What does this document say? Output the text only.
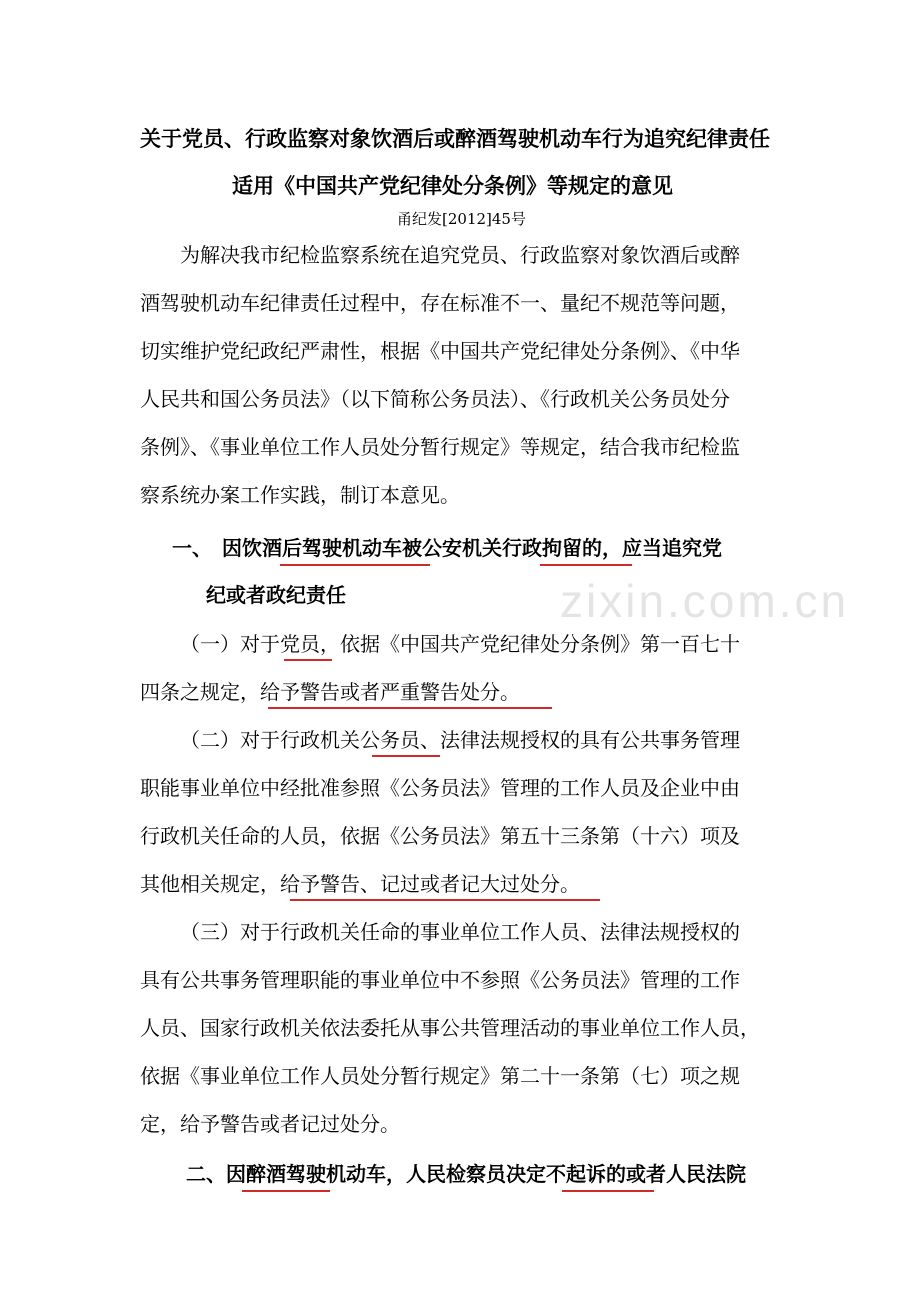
关于党员、行政监察对象饮酒后或醉酒驾驶机动车行为追究纪律责任
适用《中国共产党纪律处分条例》等规定的意见
甬纪发[2012]45号
为解决我市纪检监察系统在追究党员、行政监察对象饮酒后或醉
酒驾驶机动车纪律责任过程中，存在标准不一、量纪不规范等问题，
切实维护党纪政纪严肃性，根据《中国共产党纪律处分条例》、《中华
人民共和国公务员法》（以下简称公务员法）、《行政机关公务员处分
条例》、《事业单位工作人员处分暂行规定》等规定，结合我市纪检监
察系统办案工作实践，制订本意见。
一、　因饮酒后驾驶机动车被公安机关行政拘留的，应当追究党
纪或者政纪责任	zixin.com.cn
（一）对于党员，依据《中国共产党纪律处分条例》第一百七十
四条之规定，给予警告或者严重警告处分。
（二）对于行政机关公务员、法律法规授权的具有公共事务管理
职能事业单位中经批准参照《公务员法》管理的工作人员及企业中由
行政机关任命的人员，依据《公务员法》第五十三条第（十六）项及
其他相关规定，给予警告、记过或者记大过处分。
（三）对于行政机关任命的事业单位工作人员、法律法规授权的
具有公共事务管理职能的事业单位中不参照《公务员法》管理的工作
人员、国家行政机关依法委托从事公共管理活动的事业单位工作人员，
依据《事业单位工作人员处分暂行规定》第二十一条第（七）项之规
定，给予警告或者记过处分。
二、因醉酒驾驶机动车，人民检察员决定不起诉的或者人民法院
